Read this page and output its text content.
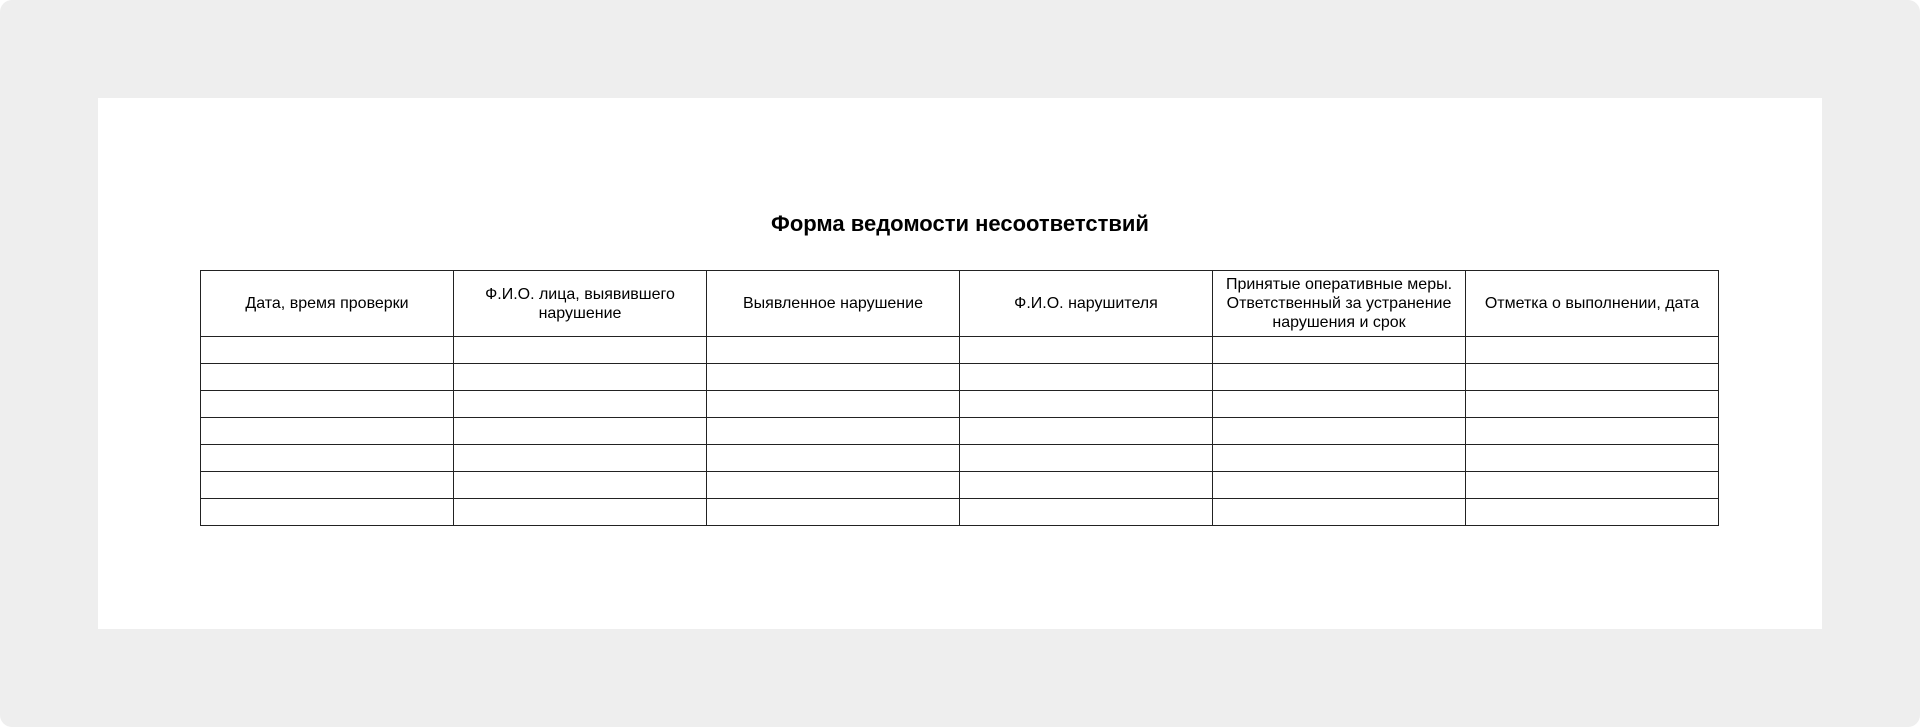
Форма ведомости несоответствий
Дата, время проверки	Ф.И.О. лица, выявившего нарушение	Выявленное нарушение	Ф.И.О. нарушителя	Принятые оперативные меры. Ответственный за устранение нарушения и срок	Отметка о выполнении, дата
